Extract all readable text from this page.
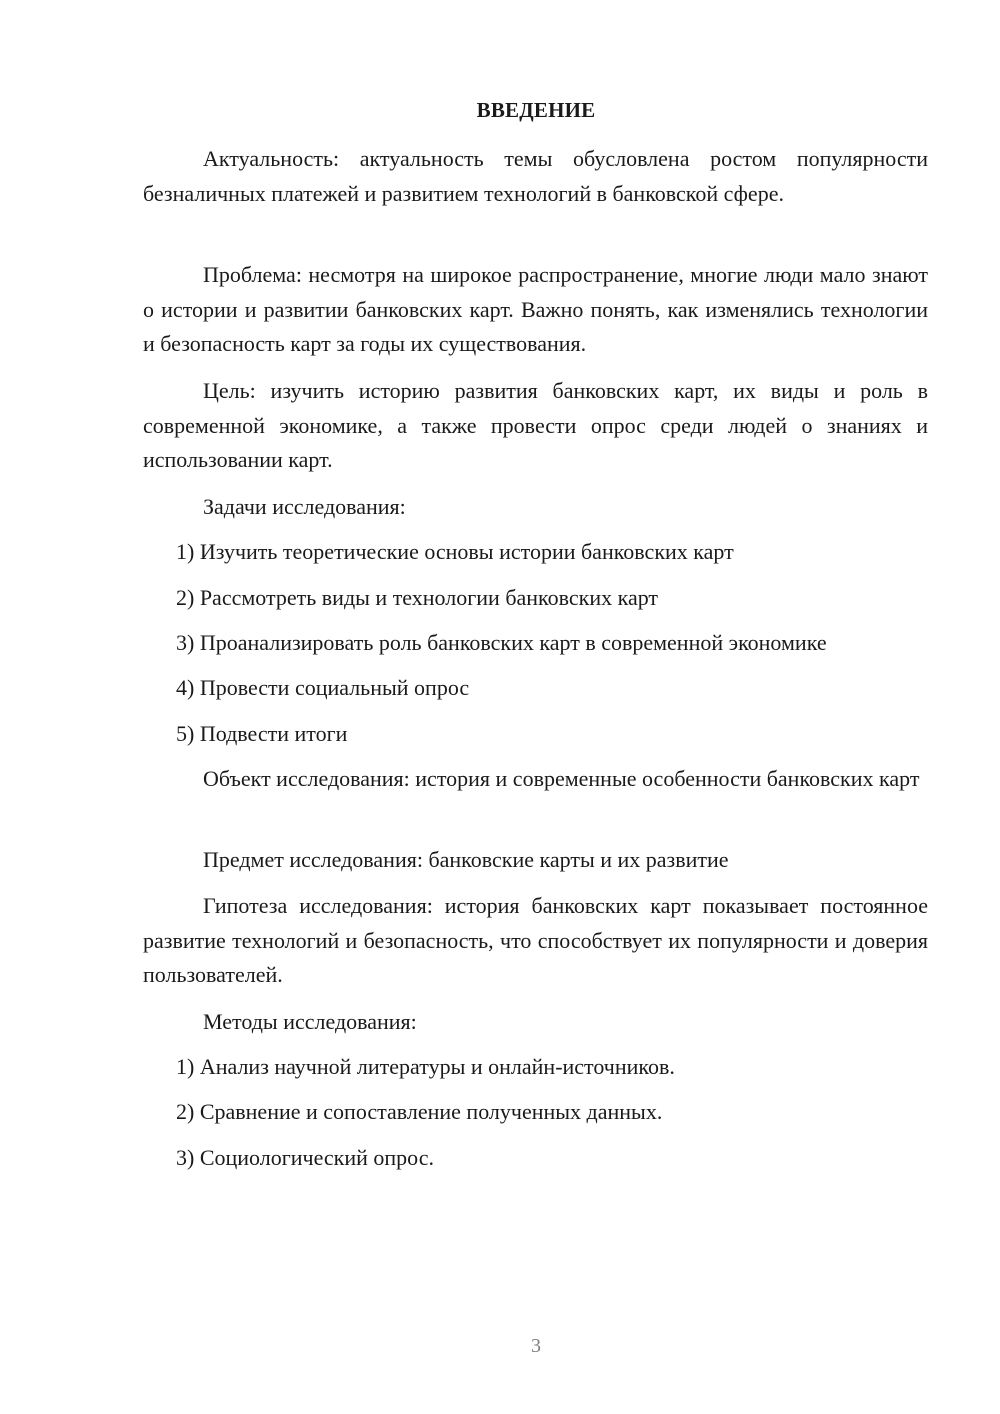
ВВЕДЕНИЕ

Актуальность: актуальность темы обусловлена ростом популярности безналичных платежей и развитием технологий в банковской сфере.

Проблема: несмотря на широкое распространение, многие люди мало знают о истории и развитии банковских карт. Важно понять, как изменялись технологии и безопасность карт за годы их существования.

Цель: изучить историю развития банковских карт, их виды и роль в современной экономике, а также провести опрос среди людей о знаниях и использовании карт.

Задачи исследования:
1) Изучить теоретические основы истории банковских карт
2) Рассмотреть виды и технологии банковских карт
3) Проанализировать роль банковских карт в современной экономике
4) Провести социальный опрос
5) Подвести итоги

Объект исследования: история и современные особенности банковских карт

Предмет исследования: банковские карты и их развитие

Гипотеза исследования: история банковских карт показывает постоянное развитие технологий и безопасность, что способствует их популярности и доверия пользователей.

Методы исследования:
1) Анализ научной литературы и онлайн-источников.
2) Сравнение и сопоставление полученных данных.
3) Социологический опрос.
3
